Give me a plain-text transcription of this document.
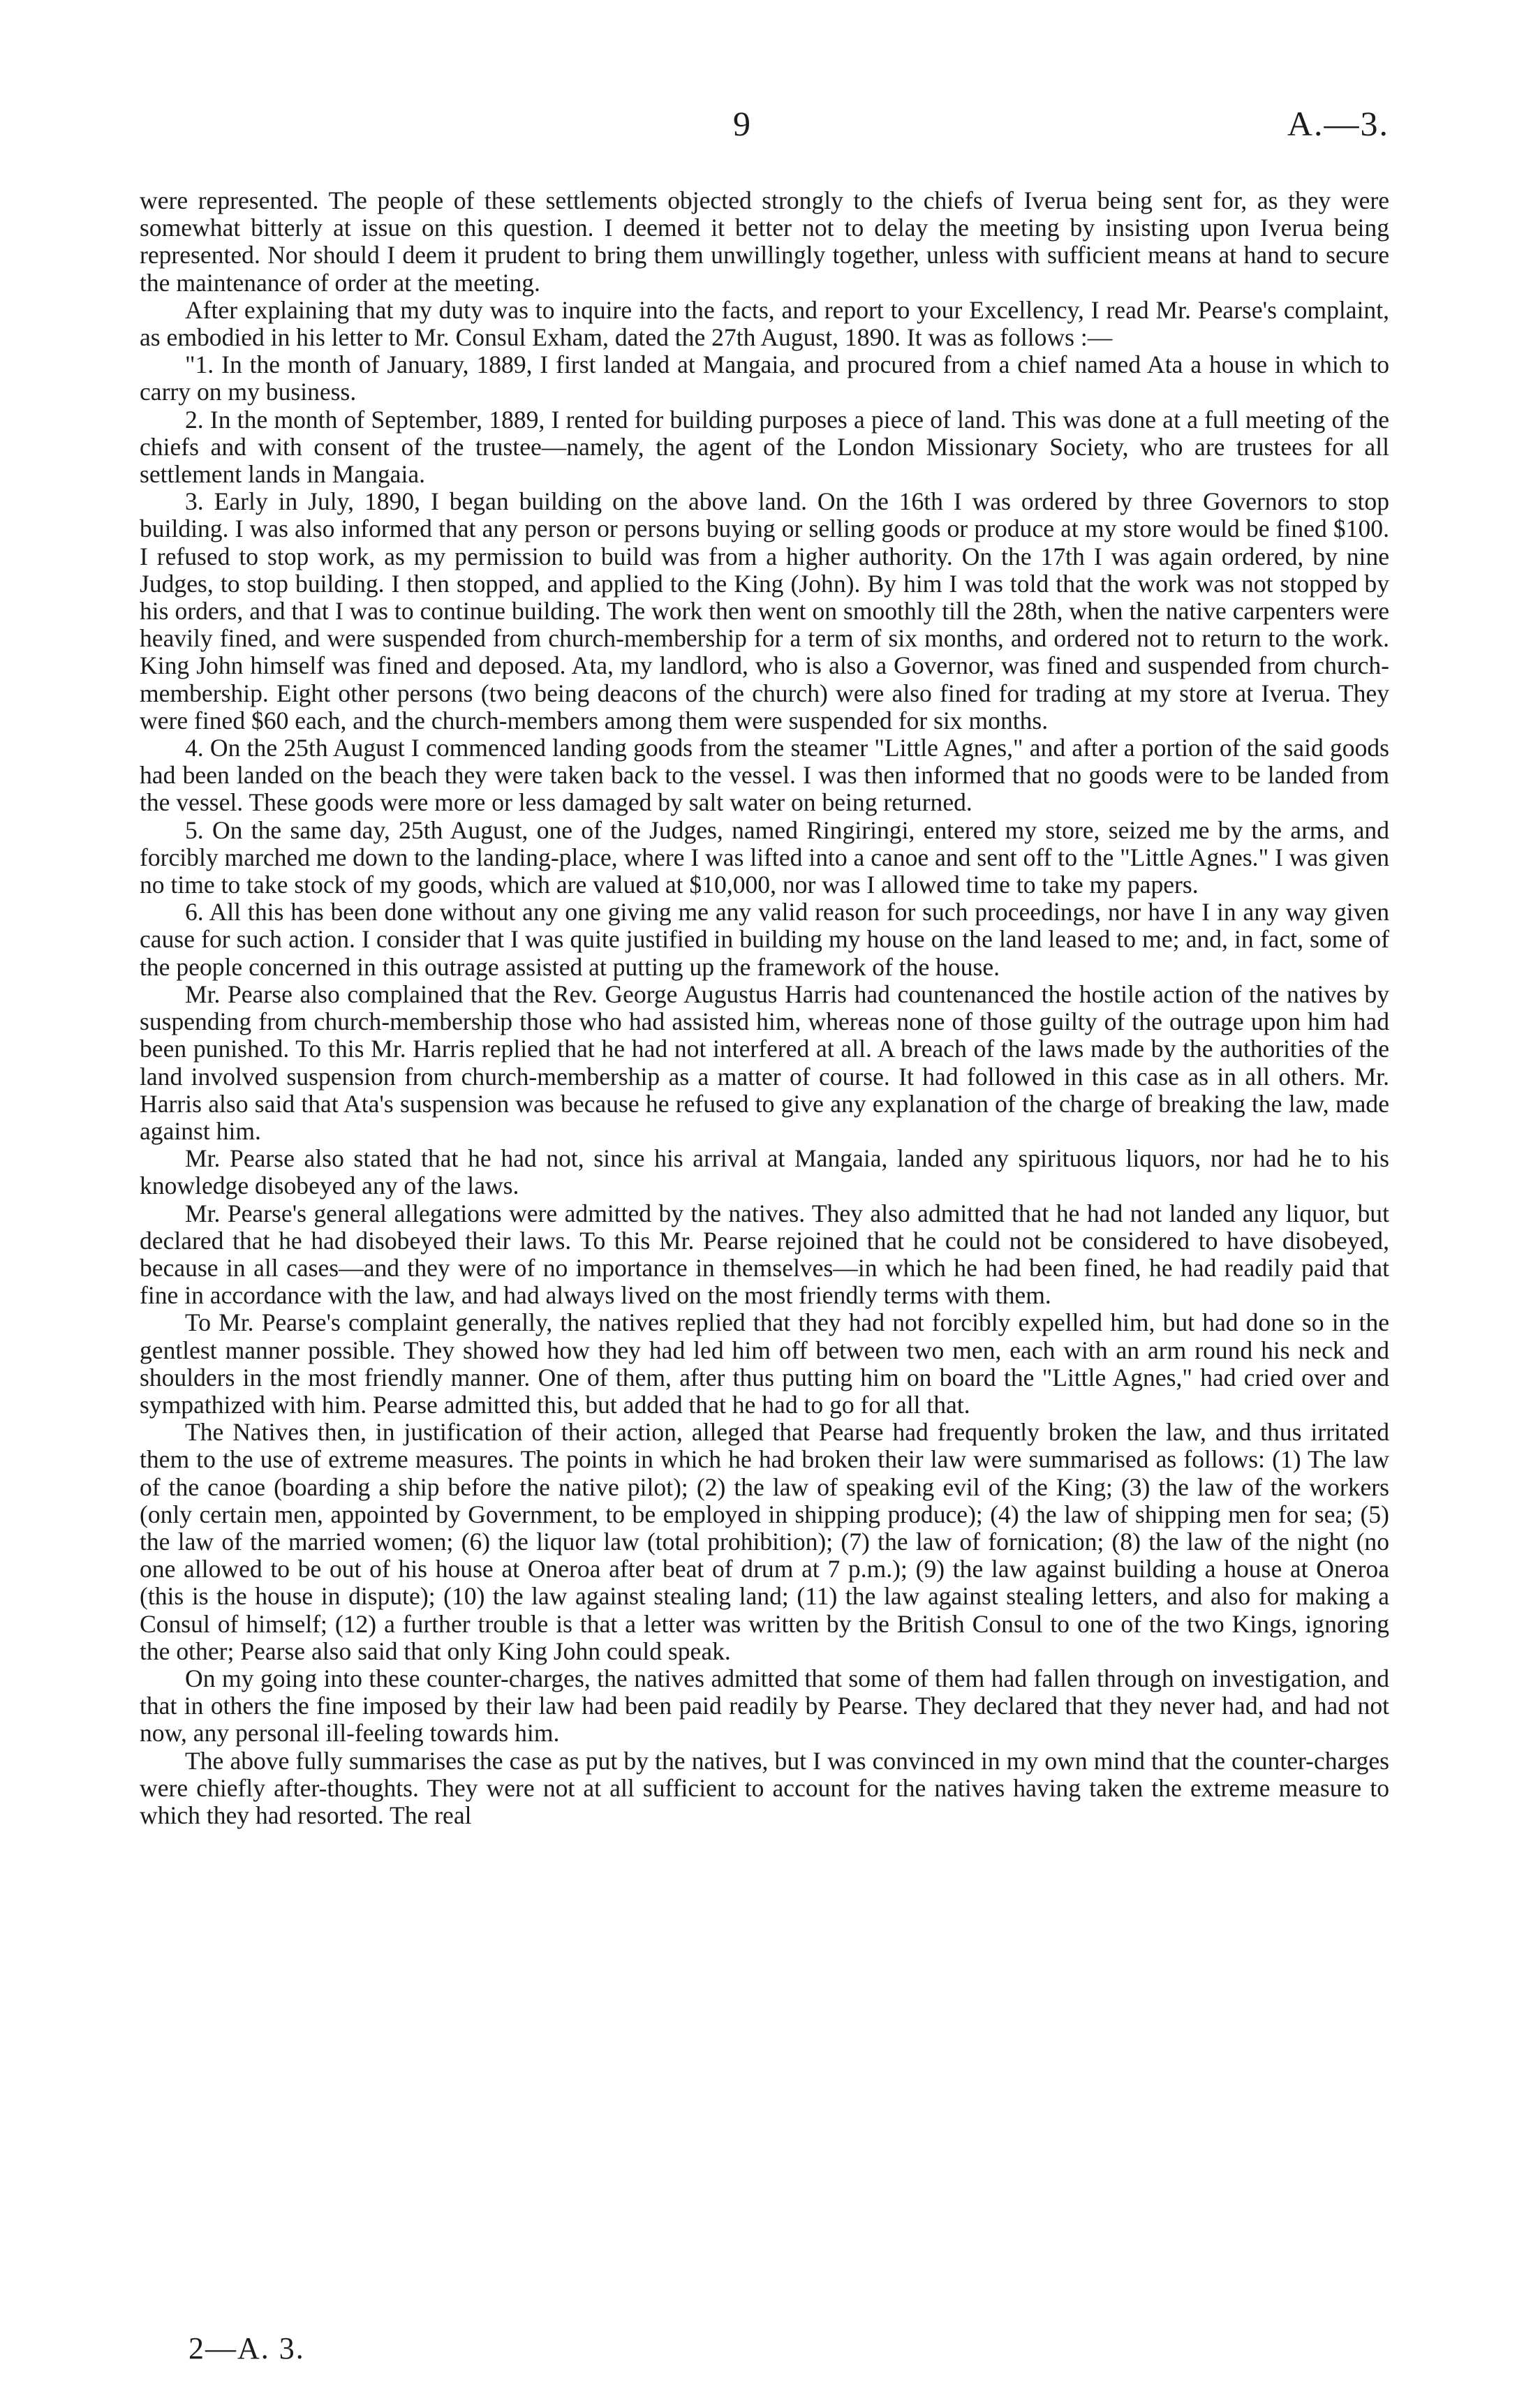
9	A.—3.

were represented. The people of these settlements objected strongly to the chiefs of Iverua being sent for, as they were somewhat bitterly at issue on this question. I deemed it better not to delay the meeting by insisting upon Iverua being represented. Nor should I deem it prudent to bring them unwillingly together, unless with sufficient means at hand to secure the maintenance of order at the meeting.

After explaining that my duty was to inquire into the facts, and report to your Excellency, I read Mr. Pearse's complaint, as embodied in his letter to Mr. Consul Exham, dated the 27th August, 1890. It was as follows :—

"1. In the month of January, 1889, I first landed at Mangaia, and procured from a chief named Ata a house in which to carry on my business.

2. In the month of September, 1889, I rented for building purposes a piece of land. This was done at a full meeting of the chiefs and with consent of the trustee—namely, the agent of the London Missionary Society, who are trustees for all settlement lands in Mangaia.

3. Early in July, 1890, I began building on the above land. On the 16th I was ordered by three Governors to stop building. I was also informed that any person or persons buying or selling goods or produce at my store would be fined $100. I refused to stop work, as my permission to build was from a higher authority. On the 17th I was again ordered, by nine Judges, to stop building. I then stopped, and applied to the King (John). By him I was told that the work was not stopped by his orders, and that I was to continue building. The work then went on smoothly till the 28th, when the native carpenters were heavily fined, and were suspended from church-membership for a term of six months, and ordered not to return to the work. King John himself was fined and deposed. Ata, my landlord, who is also a Governor, was fined and suspended from church-membership. Eight other persons (two being deacons of the church) were also fined for trading at my store at Iverua. They were fined $60 each, and the church-members among them were suspended for six months.

4. On the 25th August I commenced landing goods from the steamer "Little Agnes," and after a portion of the said goods had been landed on the beach they were taken back to the vessel. I was then informed that no goods were to be landed from the vessel. These goods were more or less damaged by salt water on being returned.

5. On the same day, 25th August, one of the Judges, named Ringiringi, entered my store, seized me by the arms, and forcibly marched me down to the landing-place, where I was lifted into a canoe and sent off to the "Little Agnes." I was given no time to take stock of my goods, which are valued at $10,000, nor was I allowed time to take my papers.

6. All this has been done without any one giving me any valid reason for such proceedings, nor have I in any way given cause for such action. I consider that I was quite justified in building my house on the land leased to me; and, in fact, some of the people concerned in this outrage assisted at putting up the framework of the house.

Mr. Pearse also complained that the Rev. George Augustus Harris had countenanced the hostile action of the natives by suspending from church-membership those who had assisted him, whereas none of those guilty of the outrage upon him had been punished. To this Mr. Harris replied that he had not interfered at all. A breach of the laws made by the authorities of the land involved suspension from church-membership as a matter of course. It had followed in this case as in all others. Mr. Harris also said that Ata's suspension was because he refused to give any explanation of the charge of breaking the law, made against him.

Mr. Pearse also stated that he had not, since his arrival at Mangaia, landed any spirituous liquors, nor had he to his knowledge disobeyed any of the laws.

Mr. Pearse's general allegations were admitted by the natives. They also admitted that he had not landed any liquor, but declared that he had disobeyed their laws. To this Mr. Pearse rejoined that he could not be considered to have disobeyed, because in all cases—and they were of no importance in themselves—in which he had been fined, he had readily paid that fine in accordance with the law, and had always lived on the most friendly terms with them.

To Mr. Pearse's complaint generally, the natives replied that they had not forcibly expelled him, but had done so in the gentlest manner possible. They showed how they had led him off between two men, each with an arm round his neck and shoulders in the most friendly manner. One of them, after thus putting him on board the "Little Agnes," had cried over and sympathized with him. Pearse admitted this, but added that he had to go for all that.

The Natives then, in justification of their action, alleged that Pearse had frequently broken the law, and thus irritated them to the use of extreme measures. The points in which he had broken their law were summarised as follows: (1) The law of the canoe (boarding a ship before the native pilot); (2) the law of speaking evil of the King; (3) the law of the workers (only certain men, appointed by Government, to be employed in shipping produce); (4) the law of shipping men for sea; (5) the law of the married women; (6) the liquor law (total prohibition); (7) the law of fornication; (8) the law of the night (no one allowed to be out of his house at Oneroa after beat of drum at 7 p.m.); (9) the law against building a house at Oneroa (this is the house in dispute); (10) the law against stealing land; (11) the law against stealing letters, and also for making a Consul of himself; (12) a further trouble is that a letter was written by the British Consul to one of the two Kings, ignoring the other; Pearse also said that only King John could speak.

On my going into these counter-charges, the natives admitted that some of them had fallen through on investigation, and that in others the fine imposed by their law had been paid readily by Pearse. They declared that they never had, and had not now, any personal ill-feeling towards him.

The above fully summarises the case as put by the natives, but I was convinced in my own mind that the counter-charges were chiefly after-thoughts. They were not at all sufficient to account for the natives having taken the extreme measure to which they had resorted. The real

2—A. 3.
